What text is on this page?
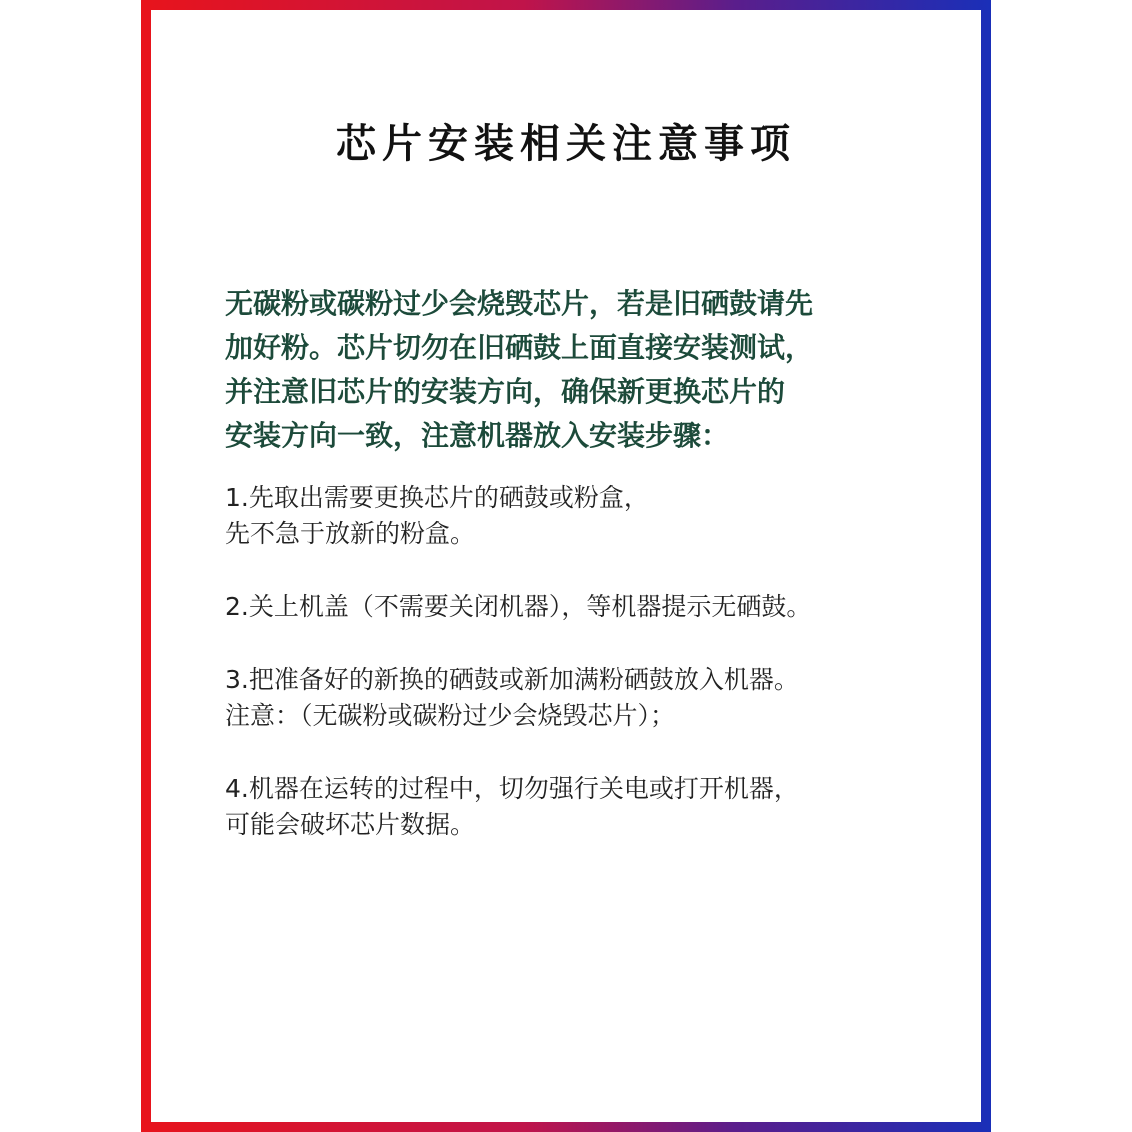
芯片安装相关注意事项
无碳粉或碳粉过少会烧毁芯片，若是旧硒鼓请先
加好粉。芯片切勿在旧硒鼓上面直接安装测试，
并注意旧芯片的安装方向，确保新更换芯片的
安装方向一致，注意机器放入安装步骤：
1.先取出需要更换芯片的硒鼓或粉盒，
先不急于放新的粉盒。
2.关上机盖（不需要关闭机器），等机器提示无硒鼓。
3.把准备好的新换的硒鼓或新加满粉硒鼓放入机器。
注意：（无碳粉或碳粉过少会烧毁芯片）；
4.机器在运转的过程中，切勿强行关电或打开机器，
可能会破坏芯片数据。
